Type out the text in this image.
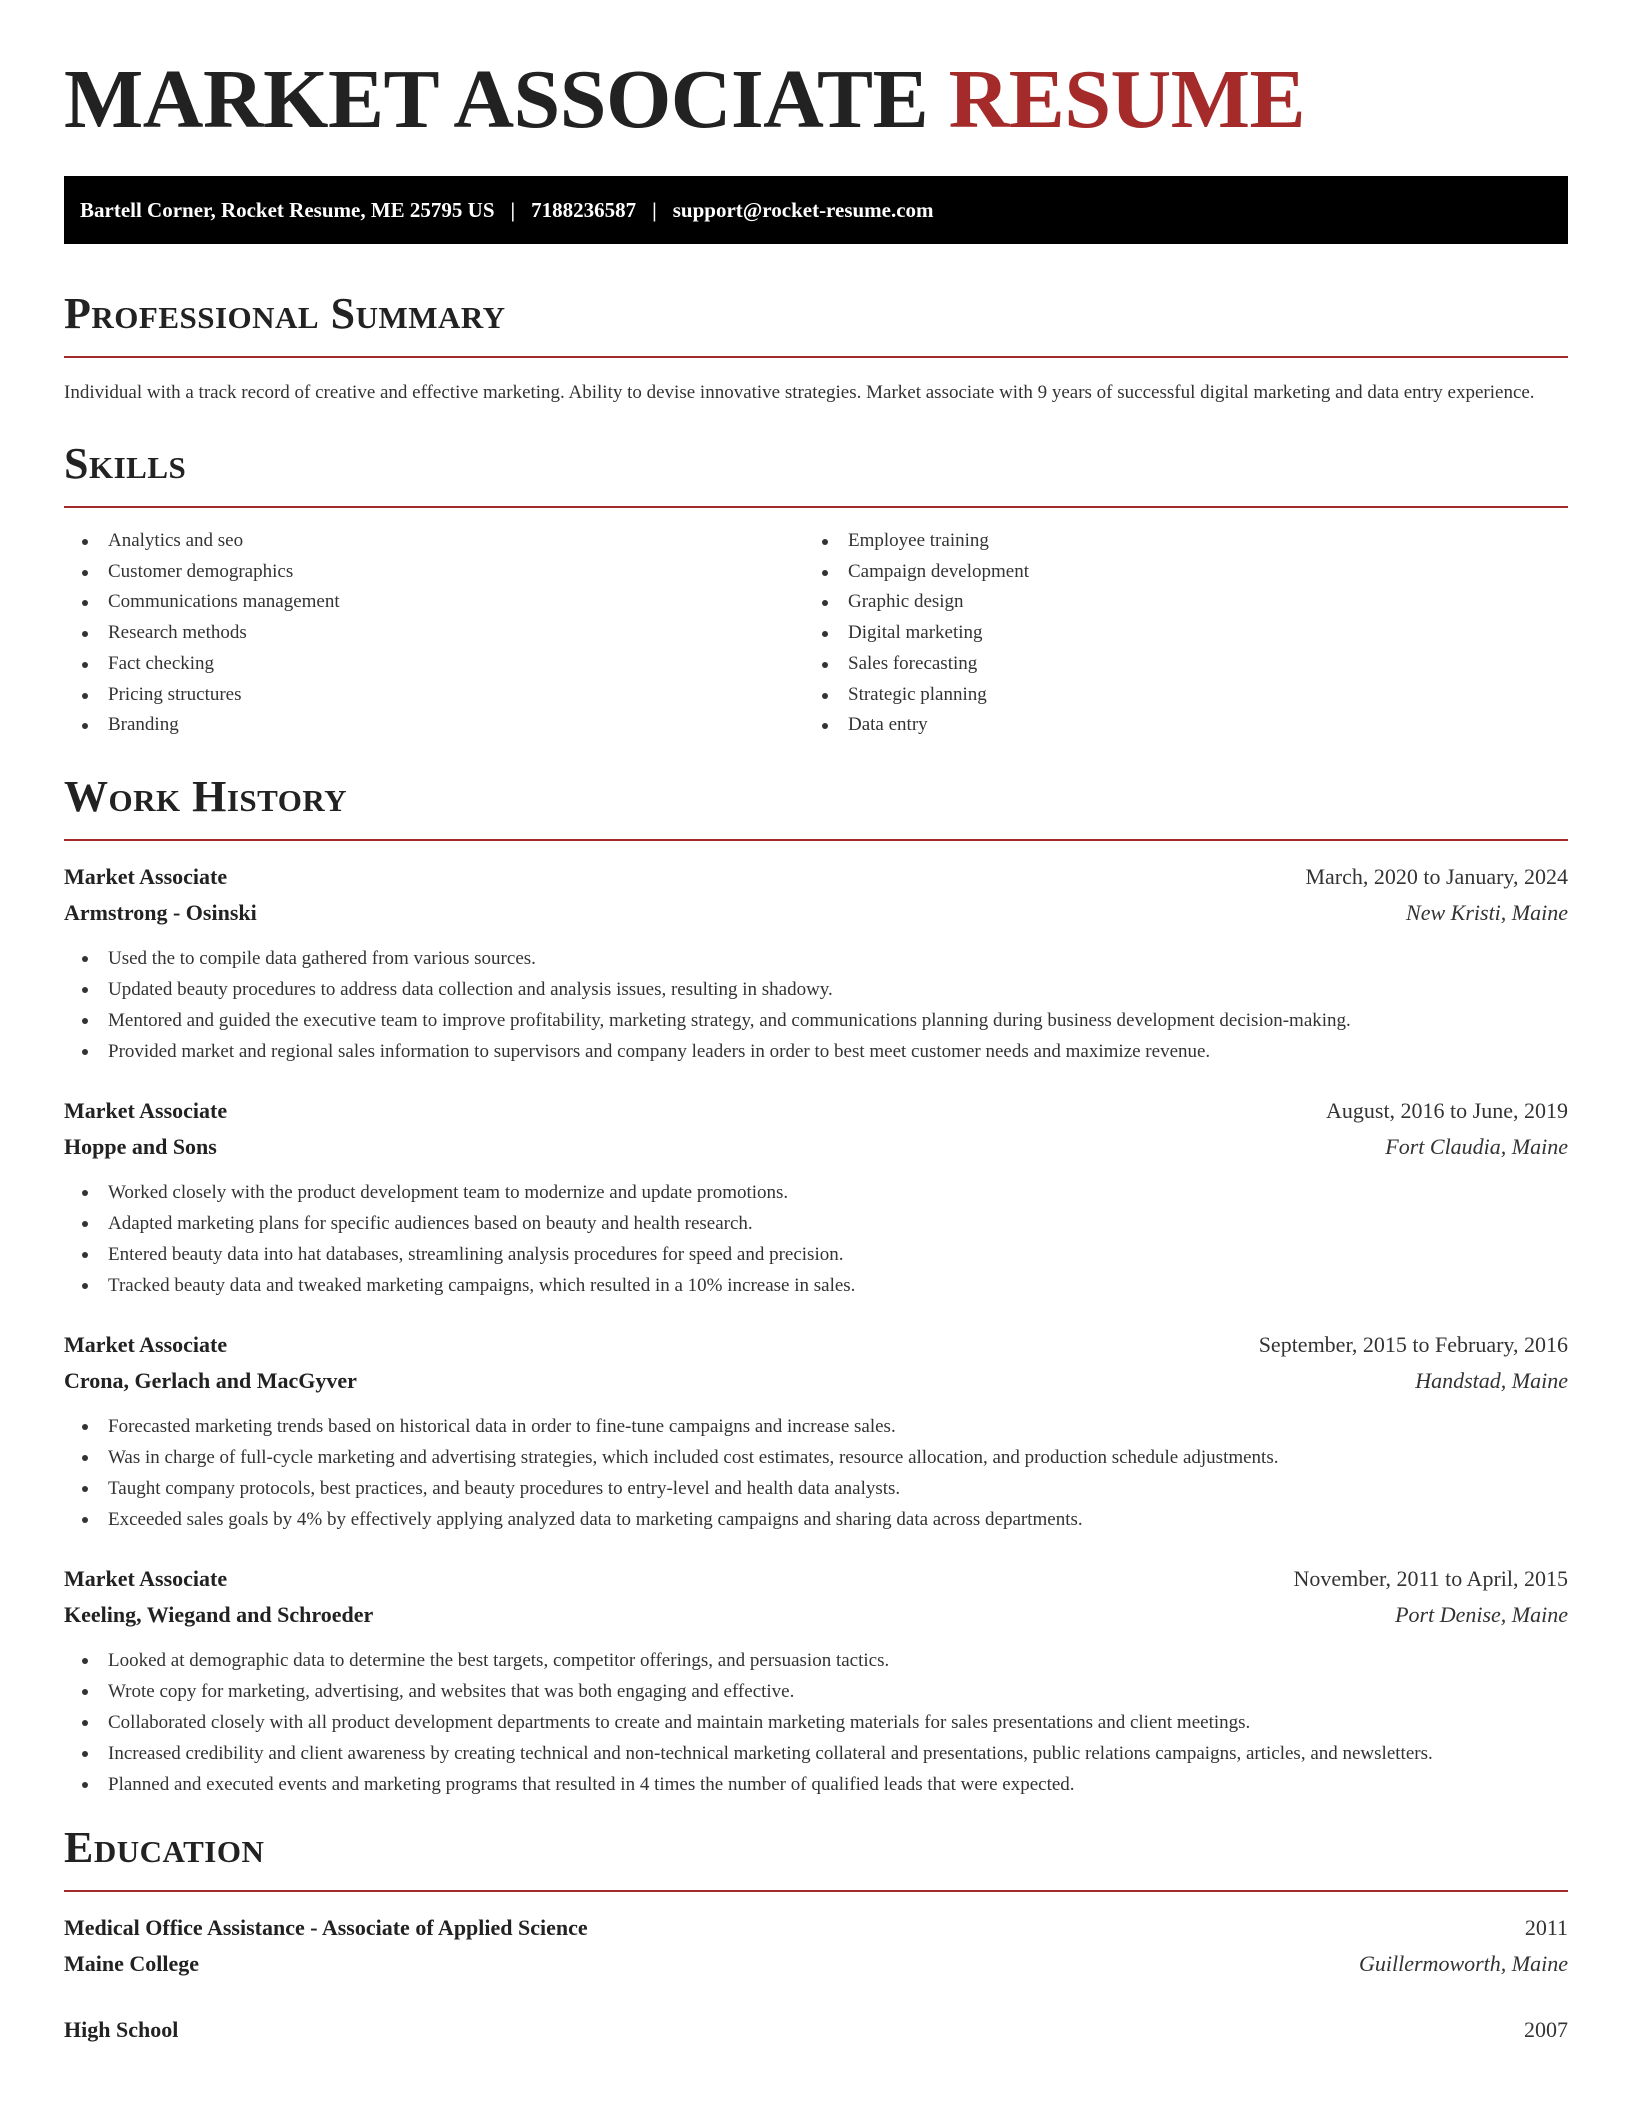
MARKET ASSOCIATE RESUME
Bartell Corner, Rocket Resume, ME 25795 US | 7188236587 | support@rocket-resume.com
Professional Summary

Individual with a track record of creative and effective marketing. Ability to devise innovative strategies. Market associate with 9 years of successful digital marketing and data entry experience.

Skills
Analytics and seo
Customer demographics
Communications management
Research methods
Fact checking
Pricing structures
Branding
Employee training
Campaign development
Graphic design
Digital marketing
Sales forecasting
Strategic planning
Data entry
Work History
Market Associate	March, 2020 to January, 2024
Armstrong - Osinski	New Kristi, Maine
Used the to compile data gathered from various sources.
Updated beauty procedures to address data collection and analysis issues, resulting in shadowy.
Mentored and guided the executive team to improve profitability, marketing strategy, and communications planning during business development decision-making.
Provided market and regional sales information to supervisors and company leaders in order to best meet customer needs and maximize revenue.
Market Associate	August, 2016 to June, 2019
Hoppe and Sons	Fort Claudia, Maine
Worked closely with the product development team to modernize and update promotions.
Adapted marketing plans for specific audiences based on beauty and health research.
Entered beauty data into hat databases, streamlining analysis procedures for speed and precision.
Tracked beauty data and tweaked marketing campaigns, which resulted in a 10% increase in sales.
Market Associate	September, 2015 to February, 2016
Crona, Gerlach and MacGyver	Handstad, Maine
Forecasted marketing trends based on historical data in order to fine-tune campaigns and increase sales.
Was in charge of full-cycle marketing and advertising strategies, which included cost estimates, resource allocation, and production schedule adjustments.
Taught company protocols, best practices, and beauty procedures to entry-level and health data analysts.
Exceeded sales goals by 4% by effectively applying analyzed data to marketing campaigns and sharing data across departments.
Market Associate	November, 2011 to April, 2015
Keeling, Wiegand and Schroeder	Port Denise, Maine
Looked at demographic data to determine the best targets, competitor offerings, and persuasion tactics.
Wrote copy for marketing, advertising, and websites that was both engaging and effective.
Collaborated closely with all product development departments to create and maintain marketing materials for sales presentations and client meetings.
Increased credibility and client awareness by creating technical and non-technical marketing collateral and presentations, public relations campaigns, articles, and newsletters.
Planned and executed events and marketing programs that resulted in 4 times the number of qualified leads that were expected.
Education
Medical Office Assistance - Associate of Applied Science	2011
Maine College	Guillermoworth, Maine
High School	2007
